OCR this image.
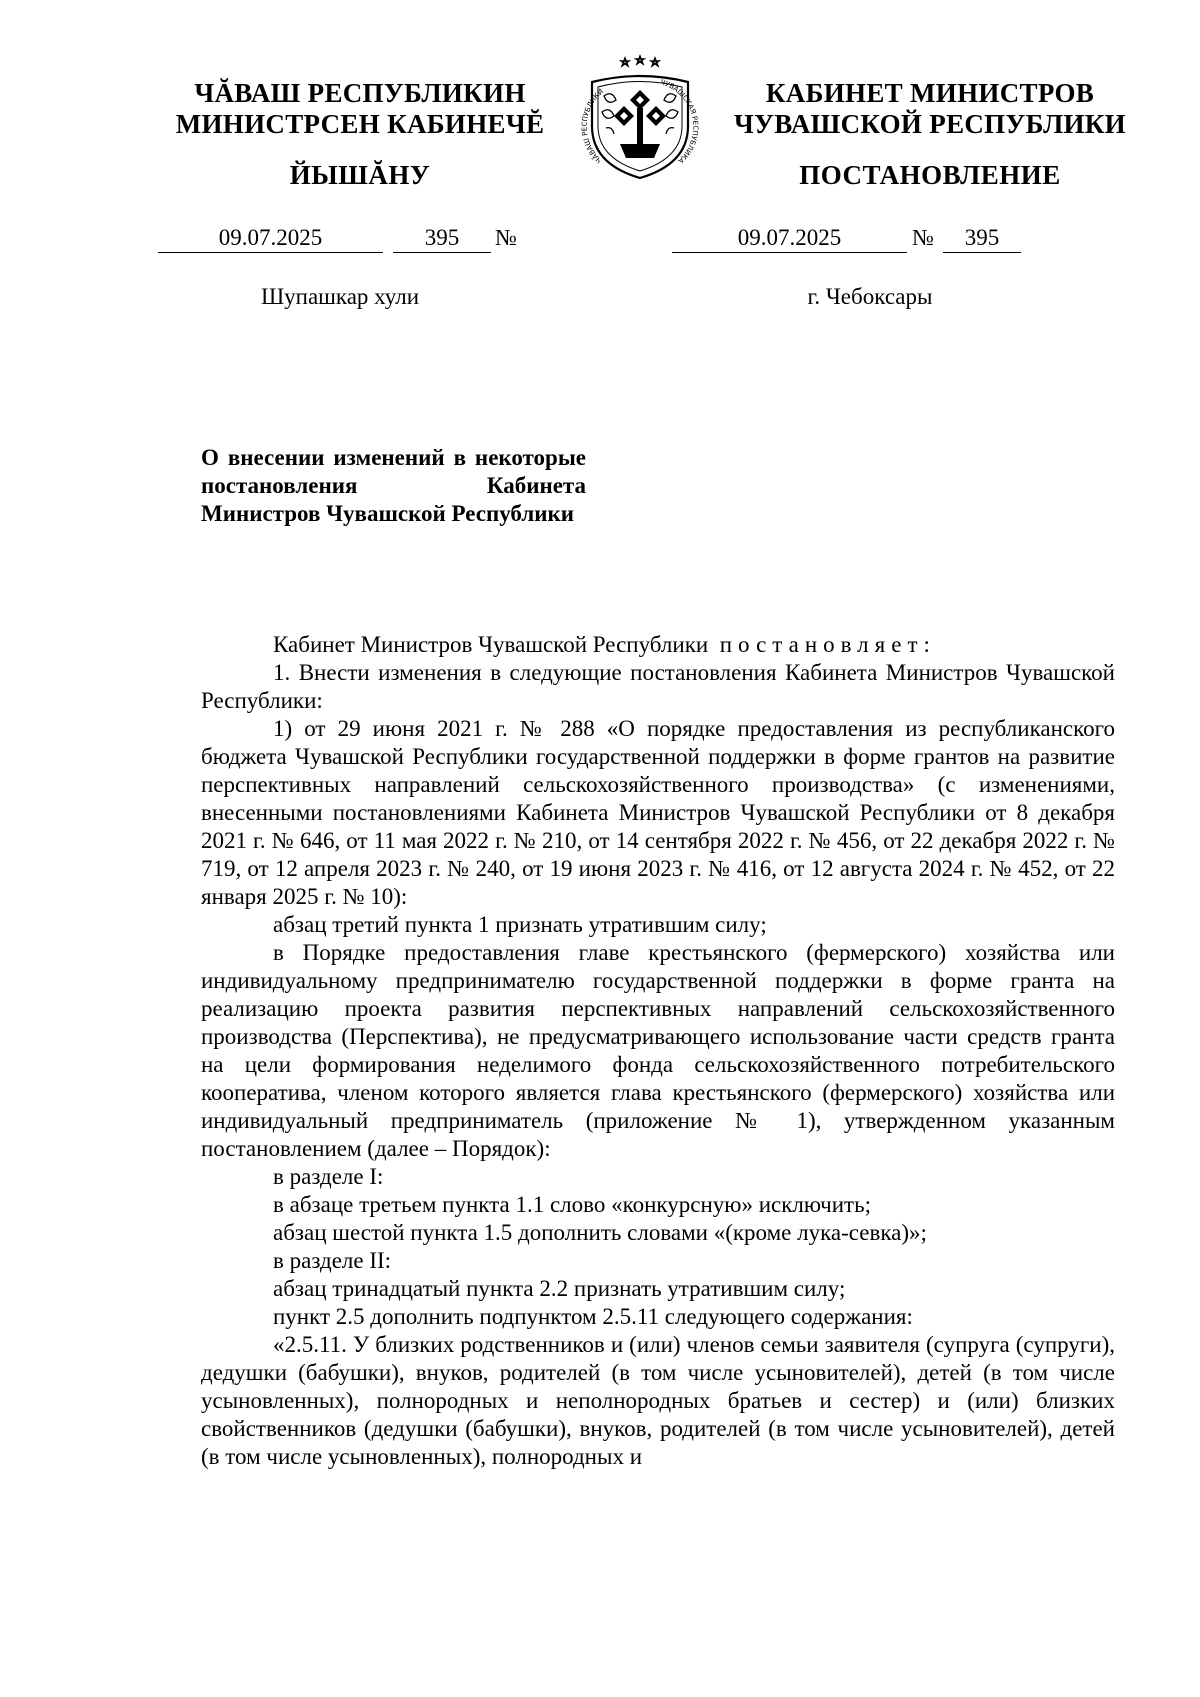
ЧĂВАШ РЕСПУБЛИКИН
МИНИСТРСЕН КАБИНЕЧĔ
ЙЫШĂНУ
КАБИНЕТ МИНИСТРОВ
ЧУВАШСКОЙ РЕСПУБЛИКИ
ПОСТАНОВЛЕНИЕ
ЧĂВАШ РЕСПУБЛИКИ
ЧУВАШСКАЯ РЕСПУБЛИКА
09.07.2025	395	№	09.07.2025	№	395
Шупашкар хули	г. Чебоксары
О внесении изменений в некоторые постановления Кабинета Министров Чувашской Республики

Кабинет Министров Чувашской Республики постановляет:

1. Внести изменения в следующие постановления Кабинета Министров Чувашской Республики:

1) от 29 июня 2021 г. № 288 «О порядке предоставления из республиканского бюджета Чувашской Республики государственной поддержки в форме грантов на развитие перспективных направлений сельскохозяйственного производства» (с изменениями, внесенными постановлениями Кабинета Министров Чувашской Республики от 8 декабря 2021 г. № 646, от 11 мая 2022 г. № 210, от 14 сентября 2022 г. № 456, от 22 декабря 2022 г. № 719, от 12 апреля 2023 г. № 240, от 19 июня 2023 г. № 416, от 12 августа 2024 г. № 452, от 22 января 2025 г. № 10):

абзац третий пункта 1 признать утратившим силу;

в Порядке предоставления главе крестьянского (фермерского) хозяйства или индивидуальному предпринимателю государственной поддержки в форме гранта на реализацию проекта развития перспективных направлений сельскохозяйственного производства (Перспектива), не предусматривающего использование части средств гранта на цели формирования неделимого фонда сельскохозяйственного потребительского кооператива, членом которого является глава крестьянского (фермерского) хозяйства или индивидуальный предприниматель (приложение № 1), утвержденном указанным постановлением (далее – Порядок):

в разделе I:

в абзаце третьем пункта 1.1 слово «конкурсную» исключить;

абзац шестой пункта 1.5 дополнить словами «(кроме лука-севка)»;

в разделе II:

абзац тринадцатый пункта 2.2 признать утратившим силу;

пункт 2.5 дополнить подпунктом 2.5.11 следующего содержания:

«2.5.11. У близких родственников и (или) членов семьи заявителя (супруга (супруги), дедушки (бабушки), внуков, родителей (в том числе усыновителей), детей (в том числе усыновленных), полнородных и неполнородных братьев и сестер) и (или) близких свойственников (дедушки (бабушки), внуков, родителей (в том числе усыновителей), детей (в том числе усыновленных), полнородных и
